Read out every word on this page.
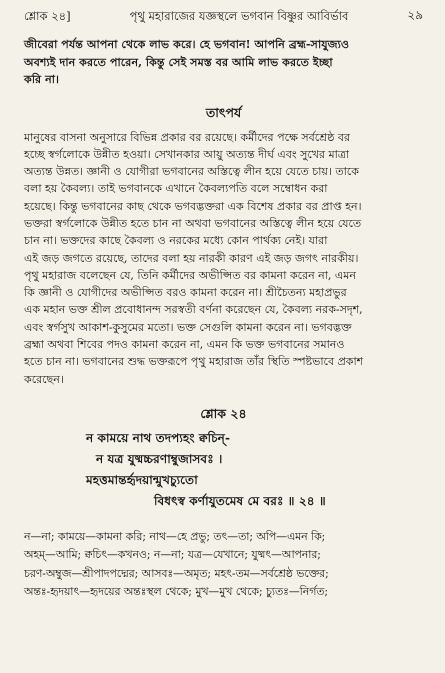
শ্লোক ২৪]	পৃথু মহারাজের যজ্ঞস্থলে ভগবান বিষ্ণুর আবির্ভাব	২৯
জীবেরা পর্যন্ত আপনা থেকে লাভ করে। হে ভগবান! আপনি ব্রহ্ম-সাযুজ্যও
অবশ্যই দান করতে পারেন, কিন্তু সেই সমস্ত বর আমি লাভ করতে ইচ্ছা
করি না।
তাৎপর্য
মানুষের বাসনা অনুসারে বিভিন্ন প্রকার বর রয়েছে। কর্মীদের পক্ষে সর্বশ্রেষ্ঠ বর
হচ্ছে স্বর্গলোকে উন্নীত হওয়া। সেখানকার আয়ু অত্যন্ত দীর্ঘ এবং সুখের মাত্রা
অত্যন্ত উন্নত। জ্ঞানী ও যোগীরা ভগবানের অস্তিত্বে লীন হয়ে যেতে চায়। তাকে
বলা হয় কৈবল্য। তাই ভগবানকে এখানে কৈবল্যপতি বলে সম্বোধন করা
হয়েছে। কিন্তু ভগবানের কাছ থেকে ভগবদ্ভক্তরা এক বিশেষ প্রকার বর প্রাপ্ত হন।
ভক্তরা স্বর্গলোকে উন্নীত হতে চান না অথবা ভগবানের অস্তিত্বে লীন হয়ে যেতে
চান না। ভক্তদের কাছে কৈবল্য ও নরকের মধ্যে কোন পার্থক্য নেই। যারা
এই জড় জগতে রয়েছে, তাদের বলা হয় নারকী কারণ এই জড় জগৎ নারকীয়।
পৃথু মহারাজ বলেছেন যে, তিনি কর্মীদের অভীপ্সিত বর কামনা করেন না, এমন
কি জ্ঞানী ও যোগীদের অভীপ্সিত বরও কামনা করেন না। শ্রীচৈতন্য মহাপ্রভুর
এক মহান ভক্ত শ্রীল প্রবোধানন্দ সরস্বতী বর্ণনা করেছেন যে, কৈবল্য নরক-সদৃশ,
এবং স্বর্গসুখ আকাশ-কুসুমের মতো। ভক্ত সেগুলি কামনা করেন না। ভগবদ্ভক্ত
ব্রহ্মা অথবা শিবের পদও কামনা করেন না, এমন কি ভক্ত ভগবানের সমানও
হতে চান না। ভগবানের শুদ্ধ ভক্তরূপে পৃথু মহারাজ তাঁর স্থিতি স্পষ্টভাবে প্রকাশ
করেছেন।
শ্লোক ২৪
ন কাময়ে নাথ তদপ্যহং ক্বচিন্-
ন যত্র যুষ্মচ্চরণাম্বুজাসবঃ ।
মহত্তমান্তর্হৃদয়ান্মুখচ্যুতো
বিধৎস্ব কর্ণাযুতমেষ মে বরঃ ॥ ২৪ ॥
ন—না; কাময়ে—কামনা করি; নাথ—হে প্রভু; তৎ—তা; অপি—এমন কি;
অহম্—আমি; ক্বচিৎ—কখনও; ন—না; যত্র—যেখানে; যুষ্মৎ—আপনার;
চরণ-অম্বুজ—শ্রীপাদপদ্মের; আসবঃ—অমৃত; মহৎ-তম—সর্বশ্রেষ্ঠ ভক্তের;
অন্তঃ-হৃদয়াৎ—হৃদয়ের অন্তঃস্থল থেকে; মুখ—মুখ থেকে; চ্যুতঃ—নির্গত;
